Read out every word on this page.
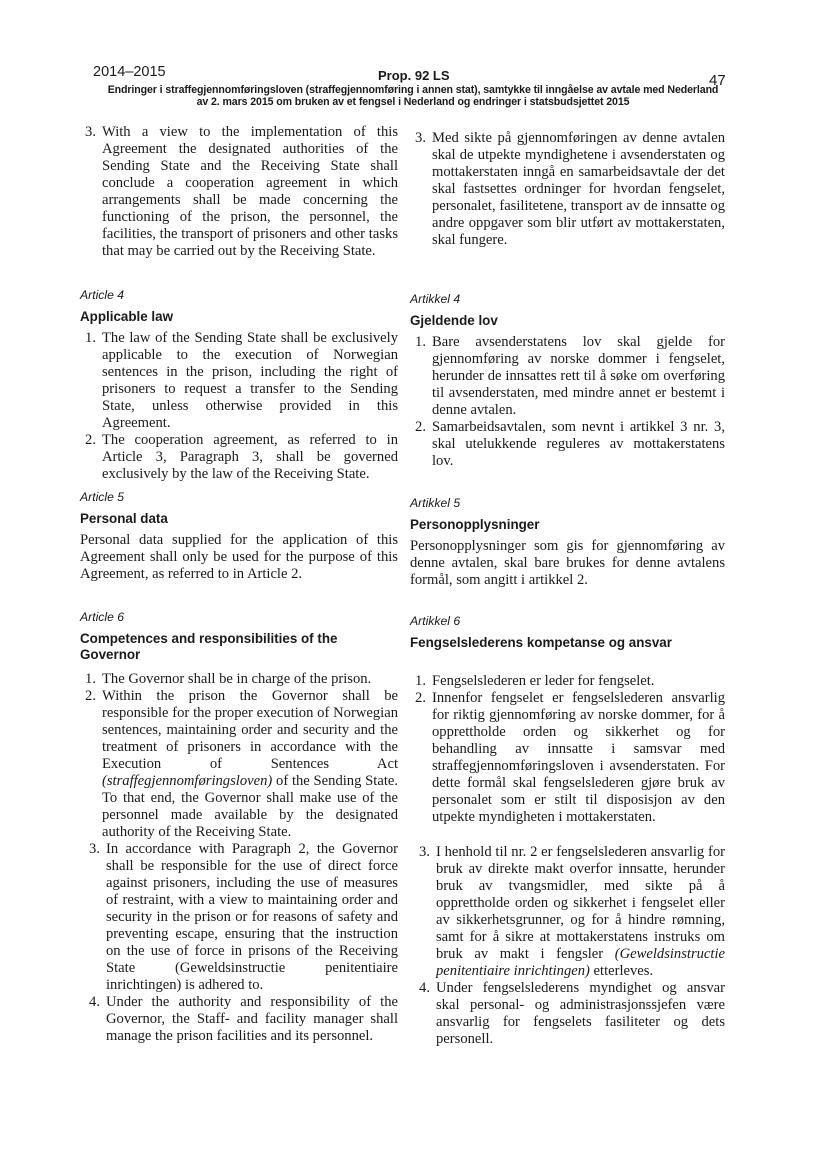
2014–2015	Prop. 92 LS	47
Endringer i straffegjennomføringsloven (straffegjennomføring i annen stat), samtykke til inngåelse av avtale med Nederland
av 2. mars 2015 om bruken av et fengsel i Nederland og endringer i statsbudsjettet 2015
3. With a view to the implementation of this Agreement the designated authorities of the Sending State and the Receiving State shall conclude a cooperation agreement in which arrangements shall be made concerning the functioning of the prison, the personnel, the facilities, the transport of prisoners and other tasks that may be carried out by the Receiving State.
Article 4
Applicable law
1. The law of the Sending State shall be exclusively applicable to the execution of Norwegian sentences in the prison, including the right of prisoners to request a transfer to the Sending State, unless otherwise provided in this Agreement.
2. The cooperation agreement, as referred to in Article 3, Paragraph 3, shall be governed exclusively by the law of the Receiving State.
Article 5
Personal data
Personal data supplied for the application of this Agreement shall only be used for the purpose of this Agreement, as referred to in Article 2.
Article 6
Competences and responsibilities of the Governor
1. The Governor shall be in charge of the prison.
2. Within the prison the Governor shall be responsible for the proper execution of Norwegian sentences, maintaining order and security and the treatment of prisoners in accordance with the Execution of Sentences Act (straffegjennomføringsloven) of the Sending State. To that end, the Governor shall make use of the personnel made available by the designated authority of the Receiving State.
3. In accordance with Paragraph 2, the Governor shall be responsible for the use of direct force against prisoners, including the use of measures of restraint, with a view to maintaining order and security in the prison or for reasons of safety and preventing escape, ensuring that the instruction on the use of force in prisons of the Receiving State (Geweldsinstructie penitentiaire inrichtingen) is adhered to.
4. Under the authority and responsibility of the Governor, the Staff- and facility manager shall manage the prison facilities and its personnel.
3. Med sikte på gjennomføringen av denne avtalen skal de utpekte myndighetene i avsenderstaten og mottakerstaten inngå en samarbeidsavtale der det skal fastsettes ordninger for hvordan fengselet, personalet, fasilitetene, transport av de innsatte og andre oppgaver som blir utført av mottakerstaten, skal fungere.
Artikkel 4
Gjeldende lov
1. Bare avsenderstatens lov skal gjelde for gjennomføring av norske dommer i fengselet, herunder de innsattes rett til å søke om overføring til avsenderstaten, med mindre annet er bestemt i denne avtalen.
2. Samarbeidsavtalen, som nevnt i artikkel 3 nr. 3, skal utelukkende reguleres av mottakerstatens lov.
Artikkel 5
Personopplysninger
Personopplysninger som gis for gjennomføring av denne avtalen, skal bare brukes for denne avtalens formål, som angitt i artikkel 2.
Artikkel 6
Fengselslederens kompetanse og ansvar
1. Fengselslederen er leder for fengselet.
2. Innenfor fengselet er fengselslederen ansvarlig for riktig gjennomføring av norske dommer, for å opprettholde orden og sikkerhet og for behandling av innsatte i samsvar med straffegjennomføringsloven i avsenderstaten. For dette formål skal fengselslederen gjøre bruk av personalet som er stilt til disposisjon av den utpekte myndigheten i mottakerstaten.
3. I henhold til nr. 2 er fengselslederen ansvarlig for bruk av direkte makt overfor innsatte, herunder bruk av tvangsmidler, med sikte på å opprettholde orden og sikkerhet i fengselet eller av sikkerhetsgrunner, og for å hindre rømning, samt for å sikre at mottakerstatens instruks om bruk av makt i fengsler (Geweldsinstructie penitentiaire inrichtingen) etterleves.
4. Under fengselslederens myndighet og ansvar skal personal- og administrasjonssjefen være ansvarlig for fengselets fasiliteter og dets personell.
